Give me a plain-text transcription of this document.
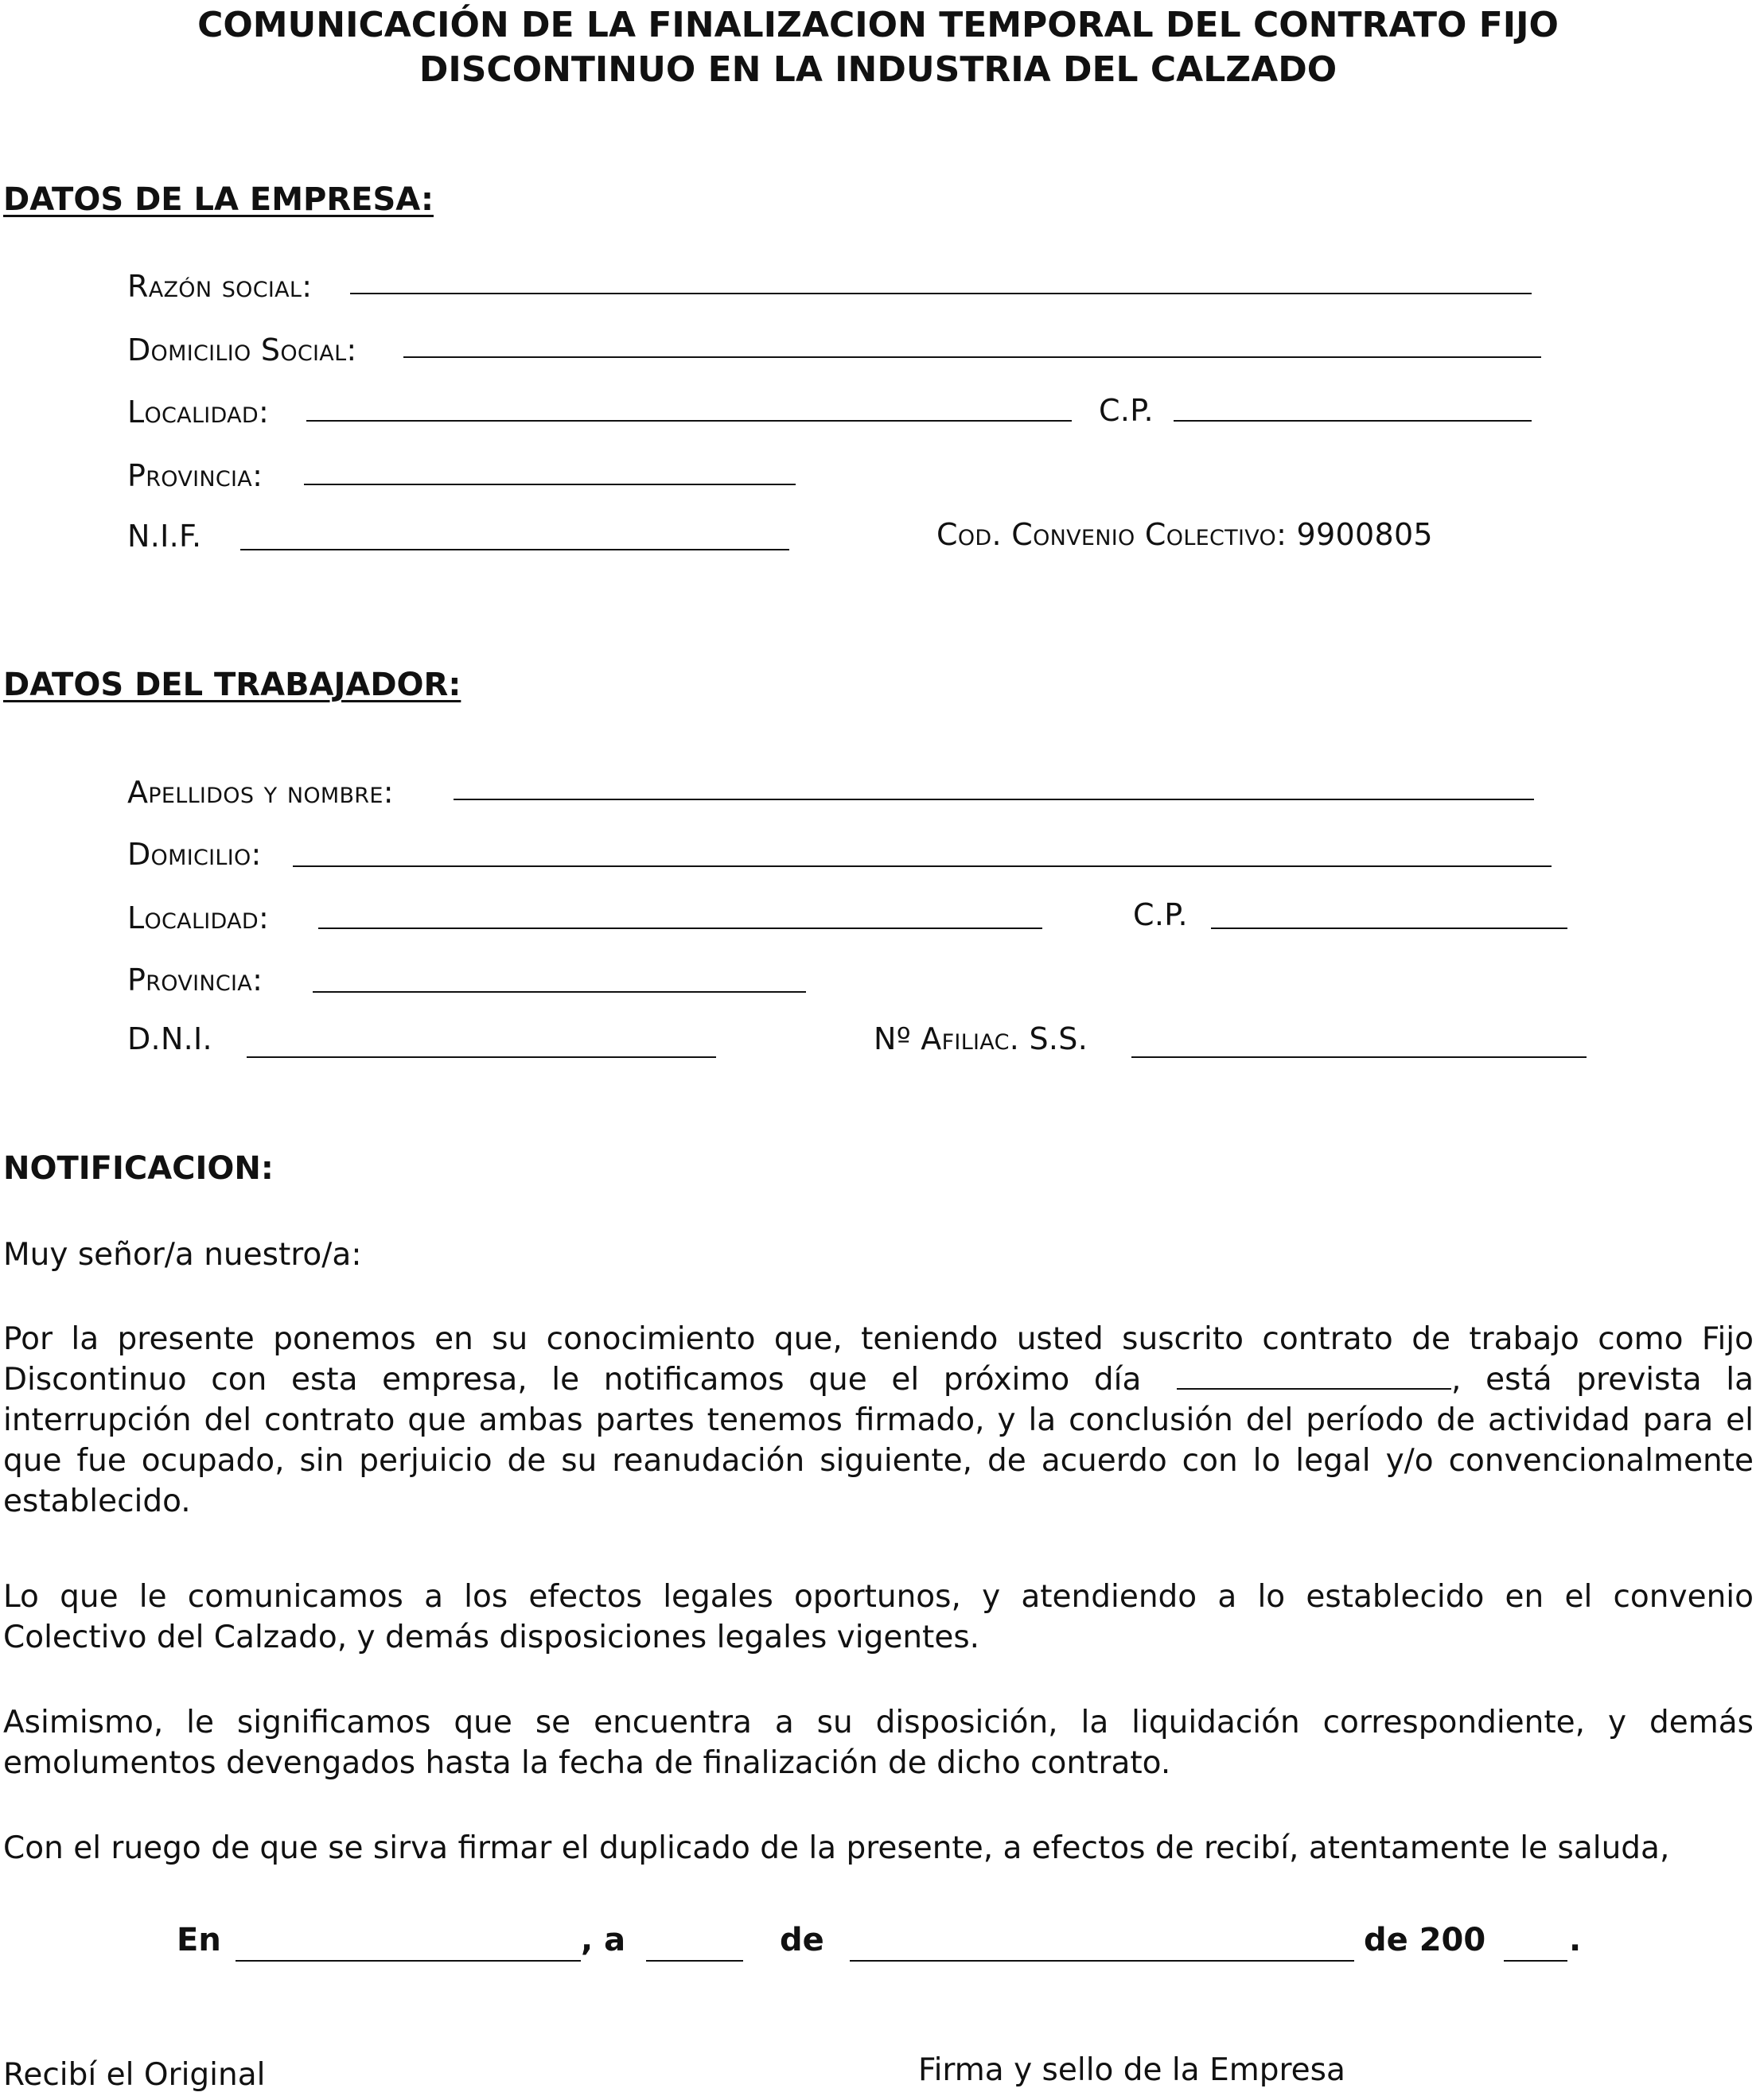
COMUNICACIÓN DE LA FINALIZACION TEMPORAL DEL CONTRATO FIJO
DISCONTINUO EN LA INDUSTRIA DEL CALZADO
DATOS DE LA EMPRESA:
Razón social:
Domicilio Social:
Localidad:	C.P.
Provincia:
N.I.F.	Cod. Convenio Colectivo: 9900805
DATOS DEL TRABAJADOR:
Apellidos y nombre:
Domicilio:
Localidad:	C.P.
Provincia:
D.N.I.	Nº Afiliac. S.S.
NOTIFICACION:
Muy señor/a nuestro/a:
Por la presente ponemos en su conocimiento que, teniendo usted suscrito contrato de trabajo como Fijo
Discontinuo con esta empresa, le notificamos que el próximo día	, está prevista la
interrupción del contrato que ambas partes tenemos firmado, y la conclusión del período de actividad para el
que fue ocupado, sin perjuicio de su reanudación siguiente, de acuerdo con lo legal y/o convencionalmente
establecido.
Lo que le comunicamos a los efectos legales oportunos, y atendiendo a lo establecido en el convenio
Colectivo del Calzado, y demás disposiciones legales vigentes.
Asimismo, le significamos que se encuentra a su disposición, la liquidación correspondiente, y demás
emolumentos devengados hasta la fecha de finalización de dicho contrato.
Con el ruego de que se sirva firmar el duplicado de la presente, a efectos de recibí, atentamente le saluda,
En	, a	de	de 200	.
Recibí el Original	Firma y sello de la Empresa
